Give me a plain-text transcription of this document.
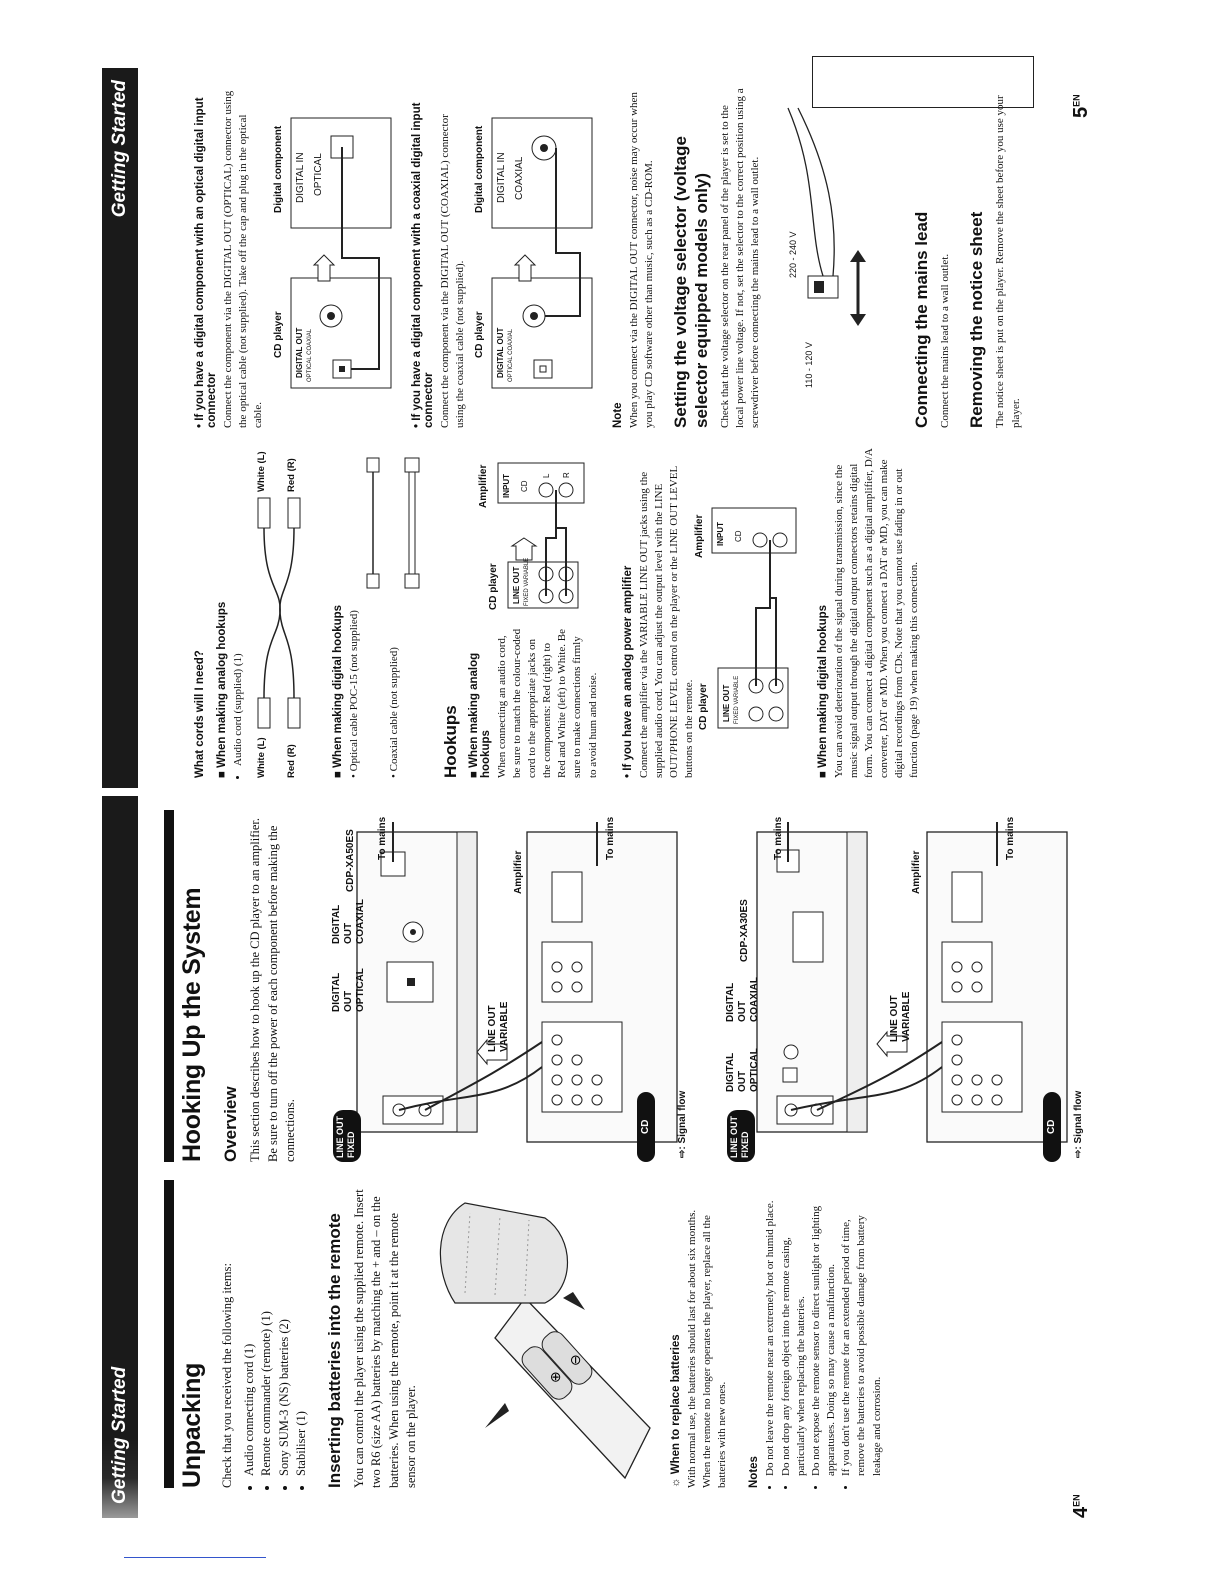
Getting Started
Getting Started
Unpacking Check that you received the following items: • Audio connecting cord (1) • Remote commander (remote) (1) • Sony SUM-3 (NS) batteries (2) • Stabiliser (1) Inserting batteries into the remote You can control the player using the supplied remote. Insert two R6 (size AA) batteries by matching the + and – on the batteries. When using the remote, point it at the remote sensor on the player.

⊕
⊖
☼ When to replace batteries With normal use, the batteries should last for about six months. When the remote no longer operates the player, replace all the batteries with new ones. Notes • Do not leave the remote near an extremely hot or humid place. • Do not drop any foreign object into the remote casing, particularly when replacing the batteries. • Do not expose the remote sensor to direct sunlight or lighting apparatuses. Doing so may cause a malfunction. • If you don't use the remote for an extended period of time, remove the batteries to avoid possible damage from battery leakage and corrosion.
Hooking Up the System Overview This section describes how to hook up the CD player to an amplifier. Be sure to turn off the power of each component before making the connections.	LINE OUT FIXED
DIGITAL OUT OPTICAL
DIGITAL OUT COAXIAL
CDP-XA50ES
LINE OUT VARIABLE
Amplifier
To mains	To mains
CD
⇨: Signal flow	LINE OUT FIXED
DIGITAL OUT OPTICAL
DIGITAL OUT COAXIAL
CDP-XA30ES
LINE OUT VARIABLE
Amplifier
To mains	To mains
CD
⇨: Signal flow
What cords will I need? ■ When making analog hookups • Audio cord (supplied) (1) White (L) Red (R)
White (L) Red (R)
■ When making digital hookups

• Optical cable POC-15 (not supplied)

• Coaxial cable (not supplied) Hookups ■ When making analog hookups When connecting an audio cord, be sure to match the colour-coded cord to the appropriate jacks on the components: Red (right) to Red and White (left) to White. Be sure to make connections firmly to avoid hum and noise.

CD player
Amplifier
LINE OUT FIXED VARIABLE
INPUT CD
L R
• If you have an analog power amplifier Connect the amplifier via the VARIABLE LINE OUT jacks using the supplied audio cord. You can adjust the output level with the LINE OUT/PHONE LEVEL control on the player or the LINE OUT LEVEL buttons on the remote. CD player
Amplifier
LINE OUT FIXED VARIABLE
INPUT CD
■ When making digital hookups You can avoid deterioration of the signal during transmission, since the music signal output through the digital output connectors retains digital form. You can connect a digital component such as a digital amplifier, D/A converter, DAT or MD. When you connect a DAT or MD, you can make digital recordings from CDs. Note that you cannot use fading in or out function (page 19) when making this connection.

• If you have a digital component with an optical digital input connector Connect the component via the DIGITAL OUT (OPTICAL) connector using the optical cable (not supplied). Take off the cap and plug in the optical cable.

CD player
Digital component
DIGITAL OUT OPTICAL COAXIAL
DIGITAL IN OPTICAL
• If you have a digital component with a coaxial digital input connector Connect the component via the DIGITAL OUT (COAXIAL) connector using the coaxial cable (not supplied). CD player
Digital component
DIGITAL OUT OPTICAL COAXIAL
DIGITAL IN COAXIAL
Note When you connect via the DIGITAL OUT connector, noise may occur when you play CD software other than music, such as a CD-ROM. Setting the voltage selector (voltage selector equipped models only) Check that the voltage selector on the rear panel of the player is set to the local power line voltage. If not, set the selector to the correct position using a screwdriver before connecting the mains lead to a wall outlet.	110 - 120 V
220 - 240 V	Connecting the mains lead Connect the mains lead to a wall outlet. Removing the notice sheet The notice sheet is put on the player. Remove the sheet before you use your player.

$4^{EN}$
$5^{EN}$
